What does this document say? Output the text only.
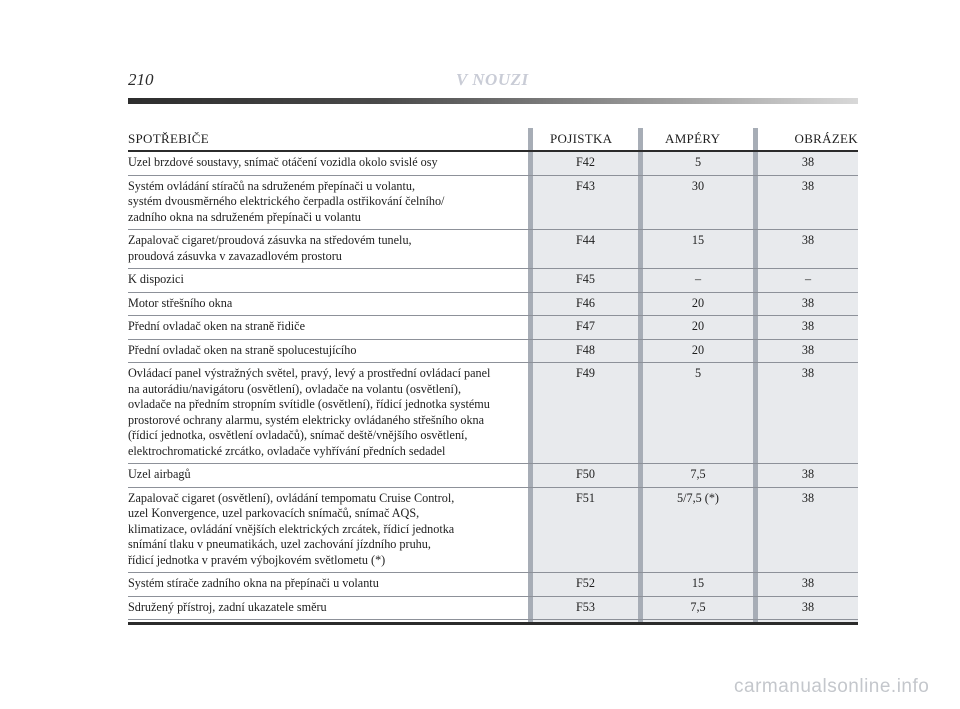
210	V NOUZI
SPOTŘEBIČE	POJISTKA	AMPÉRY	OBRÁZEK
Uzel brzdové soustavy, snímač otáčení vozidla okolo svislé osy	F42	5	38
Systém ovládání stíračů na sdruženém přepínači u volantu,
systém dvousměrného elektrického čerpadla ostřikování čelního/
zadního okna na sdruženém přepínači u volantu
F43	30	38
Zapalovač cigaret/proudová zásuvka na středovém tunelu,
proudová zásuvka v zavazadlovém prostoru
F44	15	38
K dispozici	F45	–	–
Motor střešního okna	F46	20	38
Přední ovladač oken na straně řidiče	F47	20	38
Přední ovladač oken na straně spolucestujícího	F48	20	38
Ovládací panel výstražných světel, pravý, levý a prostřední ovládací panel
na autorádiu/navigátoru (osvětlení), ovladače na volantu (osvětlení),
ovladače na předním stropním svítidle (osvětlení), řídicí jednotka systému
prostorové ochrany alarmu, systém elektricky ovládaného střešního okna
(řídicí jednotka, osvětlení ovladačů), snímač deště/vnějšího osvětlení,
elektrochromatické zrcátko, ovladače vyhřívání předních sedadel
F49	5	38
Uzel airbagů	F50	7,5	38
Zapalovač cigaret (osvětlení), ovládání tempomatu Cruise Control,
uzel Konvergence, uzel parkovacích snímačů, snímač AQS,
klimatizace, ovládání vnějších elektrických zrcátek, řídicí jednotka
snímání tlaku v pneumatikách, uzel zachování jízdního pruhu,
řídicí jednotka v pravém výbojkovém světlometu (*)
F51	5/7,5 (*)	38
Systém stírače zadního okna na přepínači u volantu	F52	15	38
Sdružený přístroj, zadní ukazatele směru	F53	7,5	38
carmanualsonline.info
